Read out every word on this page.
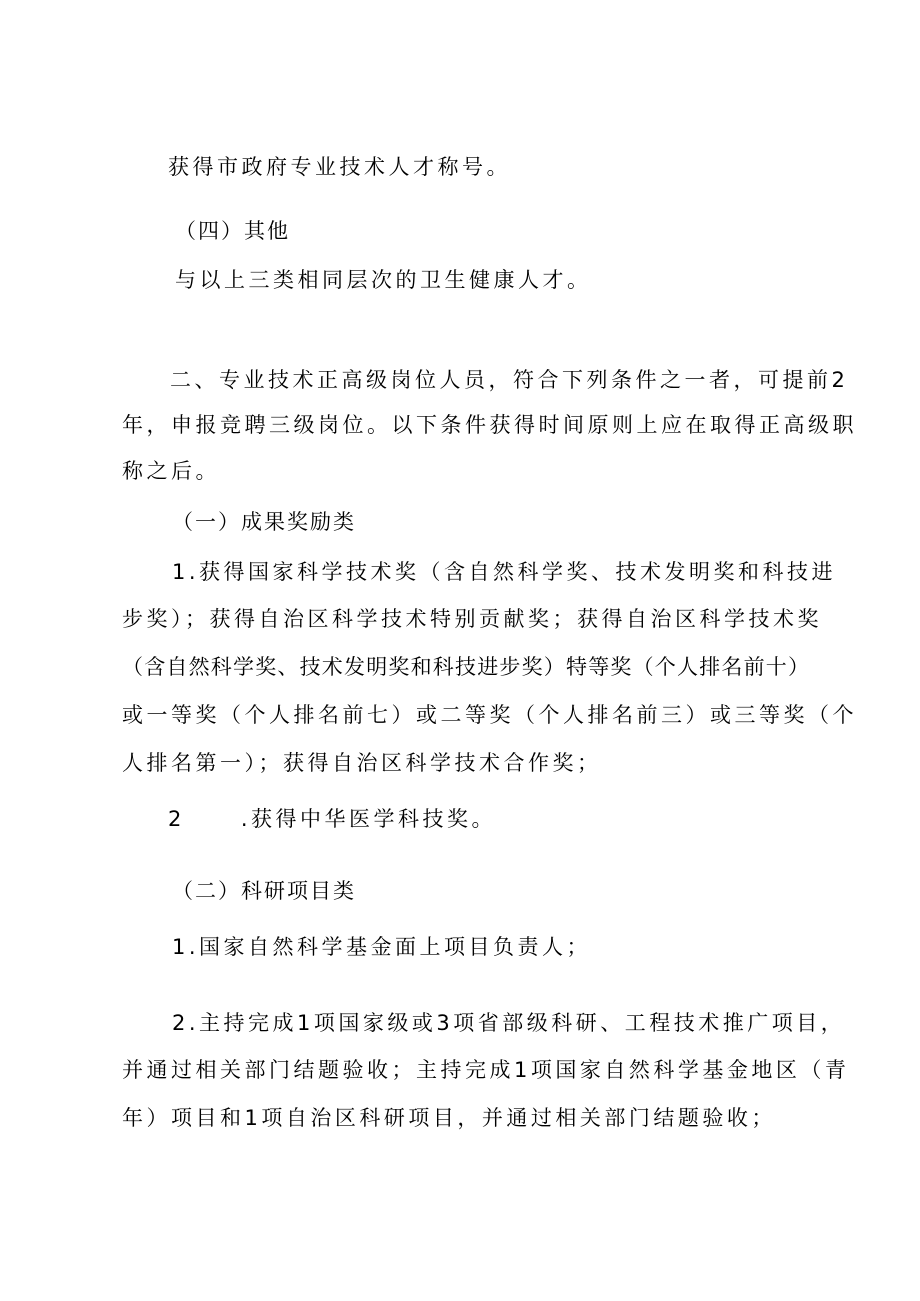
获得市政府专业技术人才称号。

（四）其他

与以上三类相同层次的卫生健康人才。

二、专业技术正高级岗位人员，符合下列条件之一者，可提前2

年，申报竞聘三级岗位。以下条件获得时间原则上应在取得正高级职

称之后。

（一）成果奖励类

1.获得国家科学技术奖（含自然科学奖、技术发明奖和科技进

步奖）；获得自治区科学技术特别贡献奖；获得自治区科学技术奖

（含自然科学奖、技术发明奖和科技进步奖）特等奖（个人排名前十）

或一等奖（个人排名前七）或二等奖（个人排名前三）或三等奖（个

人排名第一）；获得自治区科学技术合作奖；

2	.获得中华医学科技奖。

（二）科研项目类

1.国家自然科学基金面上项目负责人；

2.主持完成1项国家级或3项省部级科研、工程技术推广项目，

并通过相关部门结题验收；主持完成1项国家自然科学基金地区（青

年）项目和1项自治区科研项目，并通过相关部门结题验收；
